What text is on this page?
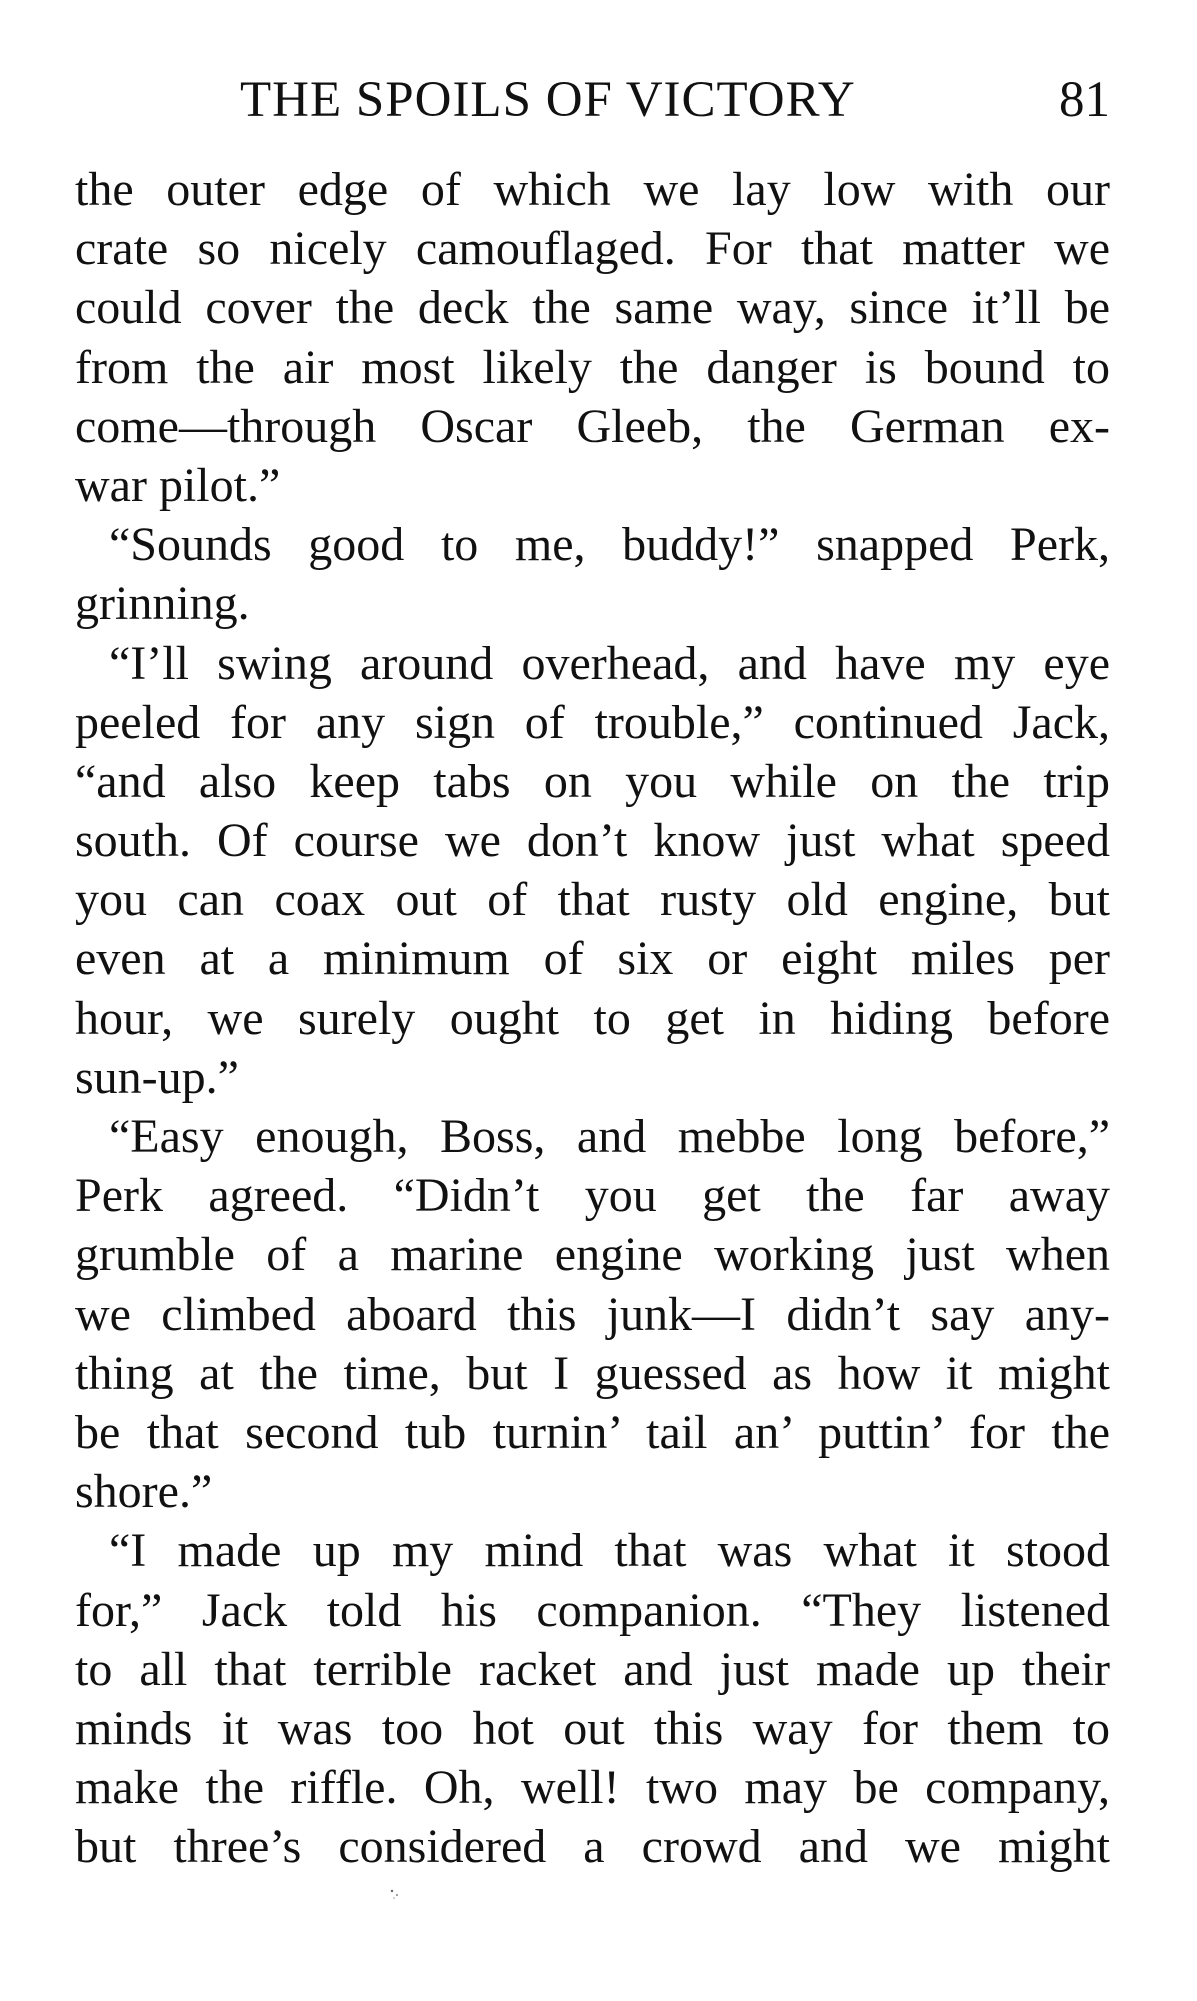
THE SPOILS OF VICTORY	81
the outer edge of which we lay low with our
crate so nicely camouflaged. For that matter we
could cover the deck the same way, since it’ll be
from the air most likely the danger is bound to
come—through Oscar Gleeb, the German ex-
war pilot.”
“Sounds good to me, buddy!” snapped Perk,
grinning.
“I’ll swing around overhead, and have my eye
peeled for any sign of trouble,” continued Jack,
“and also keep tabs on you while on the trip
south. Of course we don’t know just what speed
you can coax out of that rusty old engine, but
even at a minimum of six or eight miles per
hour, we surely ought to get in hiding before
sun-up.”
“Easy enough, Boss, and mebbe long before,”
Perk agreed. “Didn’t you get the far away
grumble of a marine engine working just when
we climbed aboard this junk—I didn’t say any-
thing at the time, but I guessed as how it might
be that second tub turnin’ tail an’ puttin’ for the
shore.”
“I made up my mind that was what it stood
for,” Jack told his companion. “They listened
to all that terrible racket and just made up their
minds it was too hot out this way for them to
make the riffle. Oh, well! two may be company,
but three’s considered a crowd and we might
